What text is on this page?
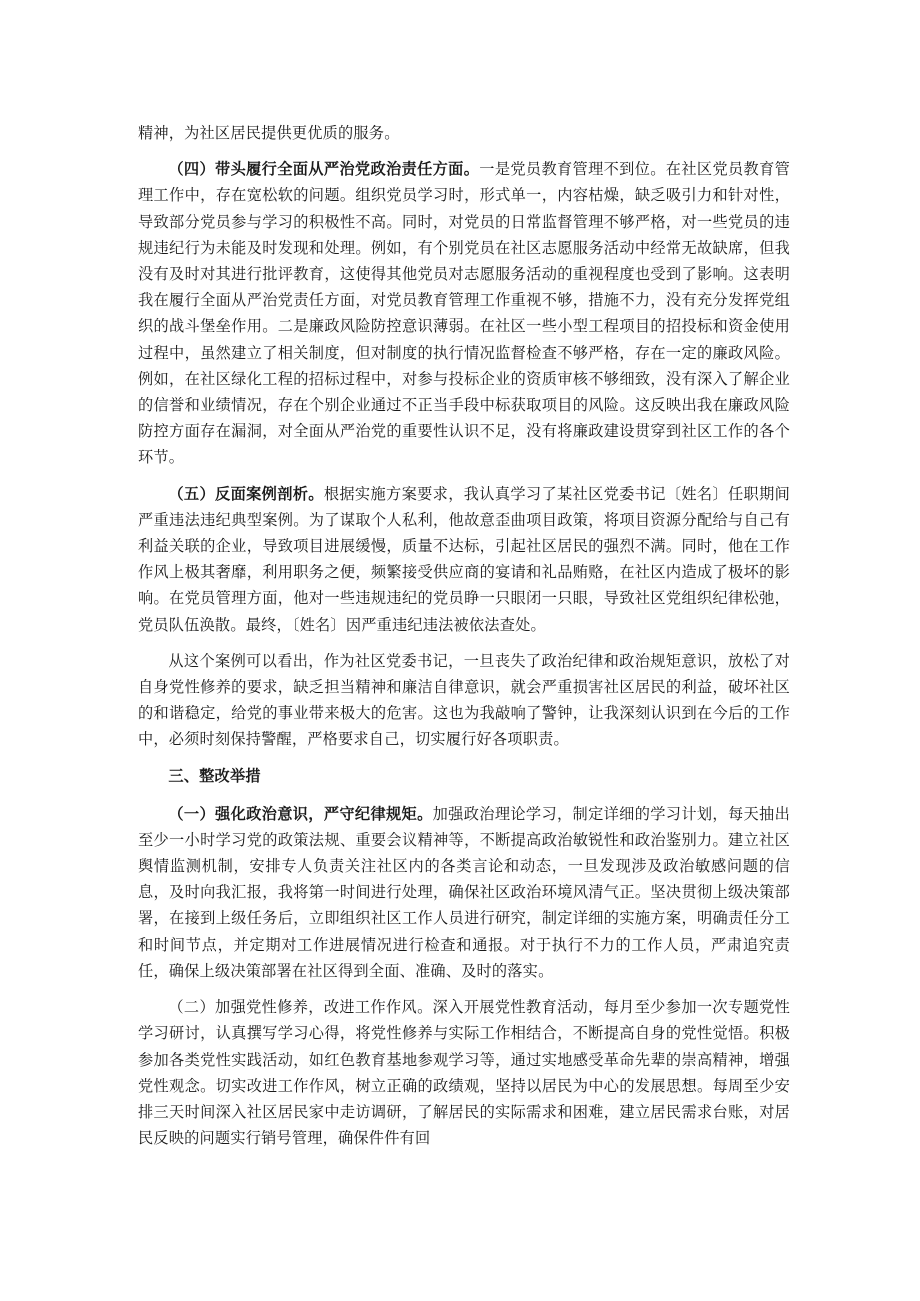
精神，为社区居民提供更优质的服务。

（四）带头履行全面从严治党政治责任方面。一是党员教育管理不到位。在社区党员教育管理工作中，存在宽松软的问题。组织党员学习时，形式单一，内容枯燥，缺乏吸引力和针对性，导致部分党员参与学习的积极性不高。同时，对党员的日常监督管理不够严格，对一些党员的违规违纪行为未能及时发现和处理。例如，有个别党员在社区志愿服务活动中经常无故缺席，但我没有及时对其进行批评教育，这使得其他党员对志愿服务活动的重视程度也受到了影响。这表明我在履行全面从严治党责任方面，对党员教育管理工作重视不够，措施不力，没有充分发挥党组织的战斗堡垒作用。二是廉政风险防控意识薄弱。在社区一些小型工程项目的招投标和资金使用过程中，虽然建立了相关制度，但对制度的执行情况监督检查不够严格，存在一定的廉政风险。例如，在社区绿化工程的招标过程中，对参与投标企业的资质审核不够细致，没有深入了解企业的信誉和业绩情况，存在个别企业通过不正当手段中标获取项目的风险。这反映出我在廉政风险防控方面存在漏洞，对全面从严治党的重要性认识不足，没有将廉政建设贯穿到社区工作的各个环节。

（五）反面案例剖析。根据实施方案要求，我认真学习了某社区党委书记〔姓名〕任职期间严重违法违纪典型案例。为了谋取个人私利，他故意歪曲项目政策，将项目资源分配给与自己有利益关联的企业，导致项目进展缓慢，质量不达标，引起社区居民的强烈不满。同时，他在工作作风上极其奢靡，利用职务之便，频繁接受供应商的宴请和礼品贿赂，在社区内造成了极坏的影响。在党员管理方面，他对一些违规违纪的党员睁一只眼闭一只眼，导致社区党组织纪律松弛，党员队伍涣散。最终，〔姓名〕因严重违纪违法被依法查处。

从这个案例可以看出，作为社区党委书记，一旦丧失了政治纪律和政治规矩意识，放松了对自身党性修养的要求，缺乏担当精神和廉洁自律意识，就会严重损害社区居民的利益，破坏社区的和谐稳定，给党的事业带来极大的危害。这也为我敲响了警钟，让我深刻认识到在今后的工作中，必须时刻保持警醒，严格要求自己，切实履行好各项职责。

三、整改举措

（一）强化政治意识，严守纪律规矩。加强政治理论学习，制定详细的学习计划，每天抽出至少一小时学习党的政策法规、重要会议精神等，不断提高政治敏锐性和政治鉴别力。建立社区舆情监测机制，安排专人负责关注社区内的各类言论和动态，一旦发现涉及政治敏感问题的信息，及时向我汇报，我将第一时间进行处理，确保社区政治环境风清气正。坚决贯彻上级决策部署，在接到上级任务后，立即组织社区工作人员进行研究，制定详细的实施方案，明确责任分工和时间节点，并定期对工作进展情况进行检查和通报。对于执行不力的工作人员，严肃追究责任，确保上级决策部署在社区得到全面、准确、及时的落实。

（二）加强党性修养，改进工作作风。深入开展党性教育活动，每月至少参加一次专题党性学习研讨，认真撰写学习心得，将党性修养与实际工作相结合，不断提高自身的党性觉悟。积极参加各类党性实践活动，如红色教育基地参观学习等，通过实地感受革命先辈的崇高精神，增强党性观念。切实改进工作作风，树立正确的政绩观，坚持以居民为中心的发展思想。每周至少安排三天时间深入社区居民家中走访调研，了解居民的实际需求和困难，建立居民需求台账，对居民反映的问题实行销号管理，确保件件有回
